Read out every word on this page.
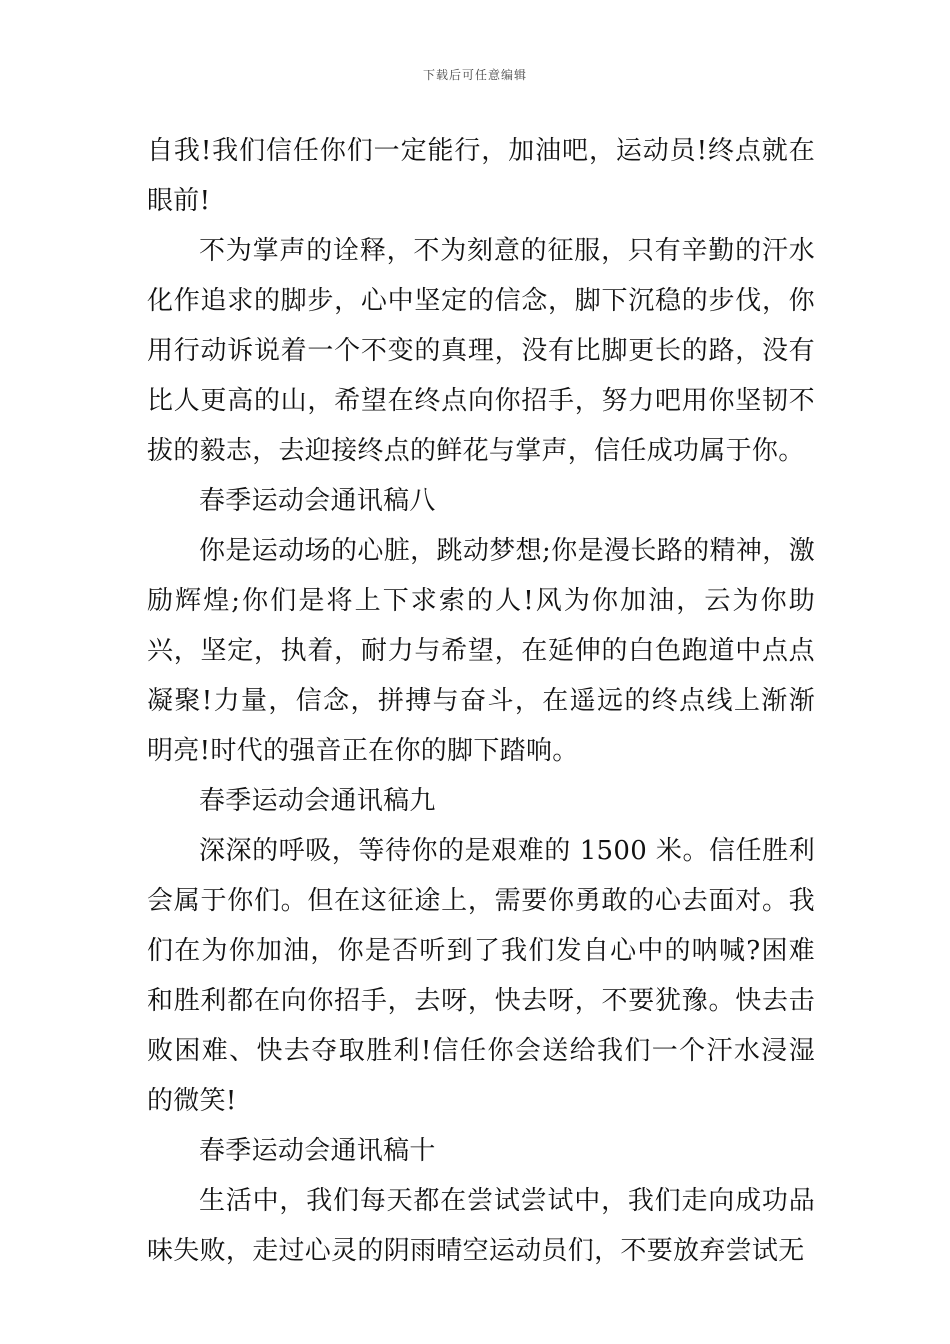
下载后可任意编辑

自我!我们信任你们一定能行，加油吧，运动员!终点就在眼前!

不为掌声的诠释，不为刻意的征服，只有辛勤的汗水化作追求的脚步，心中坚定的信念，脚下沉稳的步伐，你用行动诉说着一个不变的真理，没有比脚更长的路，没有比人更高的山，希望在终点向你招手，努力吧用你坚韧不拔的毅志，去迎接终点的鲜花与掌声，信任成功属于你。

春季运动会通讯稿八

你是运动场的心脏，跳动梦想;你是漫长路的精神，激励辉煌;你们是将上下求索的人!风为你加油，云为你助兴，坚定，执着，耐力与希望，在延伸的白色跑道中点点凝聚!力量，信念，拼搏与奋斗，在遥远的终点线上渐渐明亮!时代的强音正在你的脚下踏响。

春季运动会通讯稿九

深深的呼吸，等待你的是艰难的 1500 米。信任胜利会属于你们。但在这征途上，需要你勇敢的心去面对。我们在为你加油，你是否听到了我们发自心中的呐喊?困难和胜利都在向你招手，去呀，快去呀，不要犹豫。快去击败困难、快去夺取胜利!信任你会送给我们一个汗水浸湿的微笑!

春季运动会通讯稿十

生活中，我们每天都在尝试尝试中，我们走向成功品味失败，走过心灵的阴雨晴空运动员们，不要放弃尝试无
